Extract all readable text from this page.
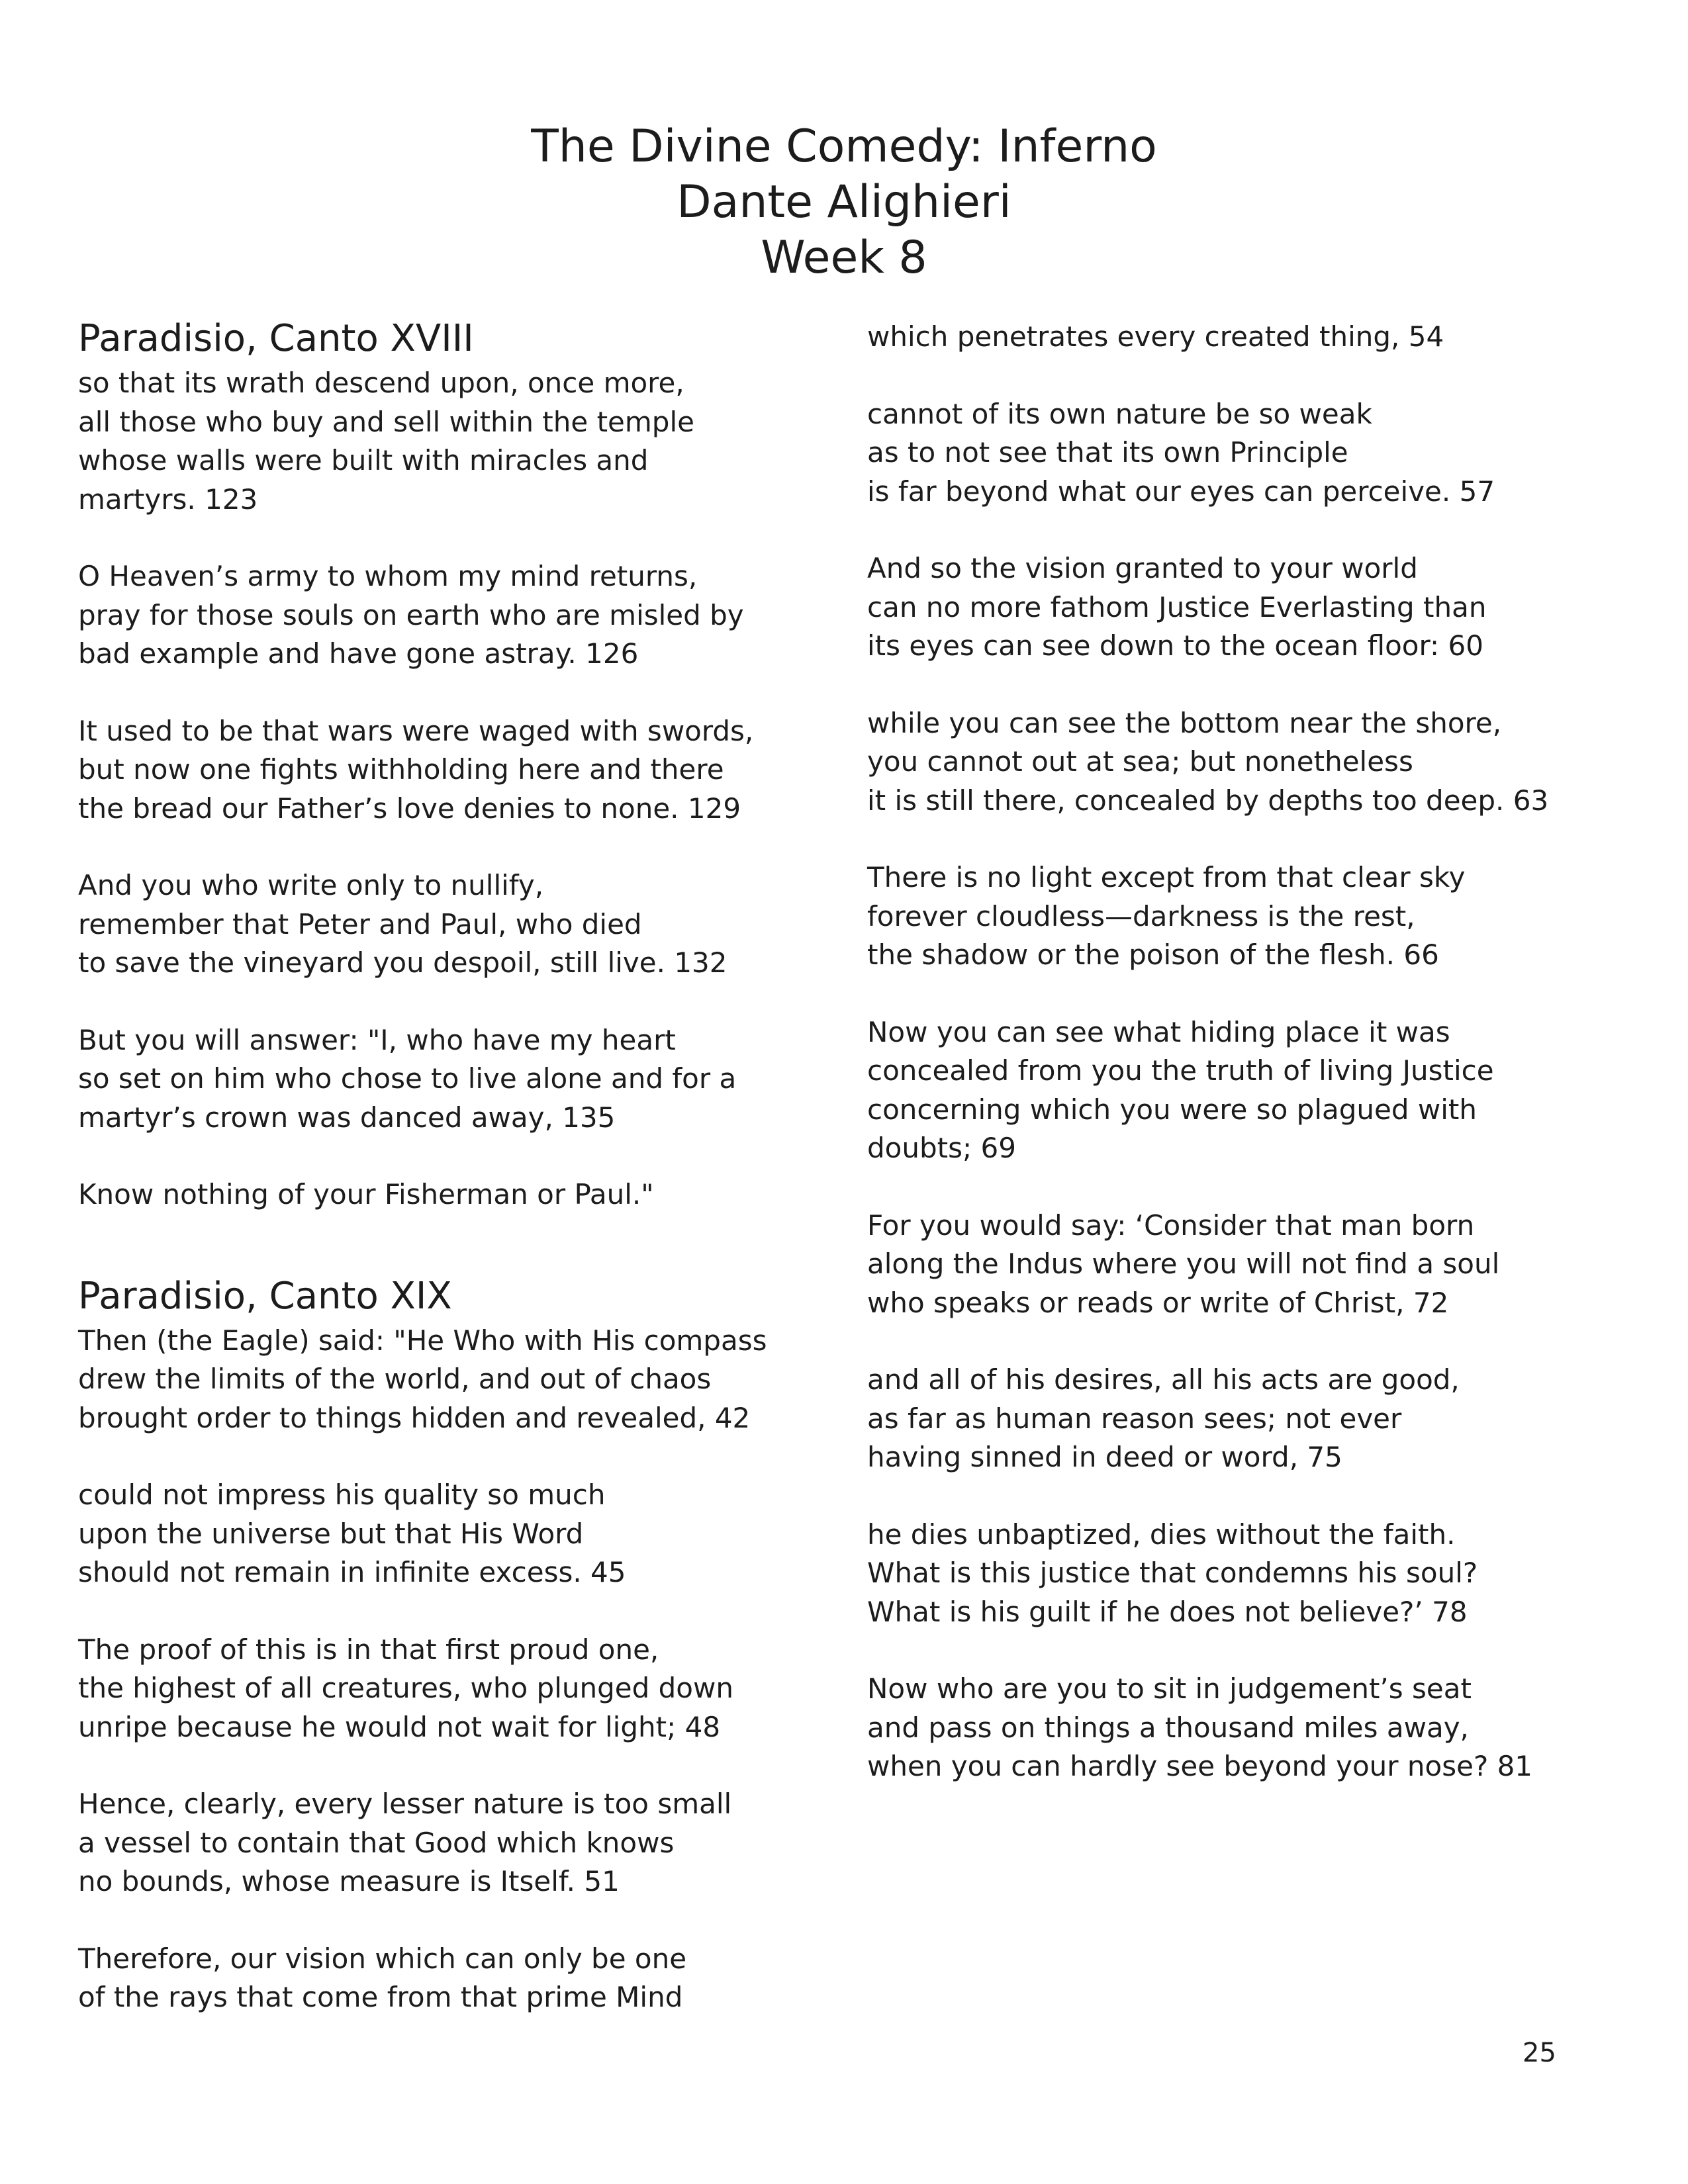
The Divine Comedy: Inferno
Dante Alighieri
Week 8
Paradisio, Canto XVIII
so that its wrath descend upon, once more,
all those who buy and sell within the temple
whose walls were built with miracles and
martyrs. 123
O Heaven’s army to whom my mind returns,
pray for those souls on earth who are misled by
bad example and have gone astray. 126
It used to be that wars were waged with swords,
but now one fights withholding here and there
the bread our Father’s love denies to none. 129
And you who write only to nullify,
remember that Peter and Paul, who died
to save the vineyard you despoil, still live. 132
But you will answer: "I, who have my heart
so set on him who chose to live alone and for a
martyr’s crown was danced away, 135
Know nothing of your Fisherman or Paul."
Paradisio, Canto XIX
Then (the Eagle) said: "He Who with His compass
drew the limits of the world, and out of chaos
brought order to things hidden and revealed, 42
could not impress his quality so much
upon the universe but that His Word
should not remain in infinite excess. 45
The proof of this is in that first proud one,
the highest of all creatures, who plunged down
unripe because he would not wait for light; 48
Hence, clearly, every lesser nature is too small
a vessel to contain that Good which knows
no bounds, whose measure is Itself. 51
Therefore, our vision which can only be one
of the rays that come from that prime Mind
which penetrates every created thing, 54
cannot of its own nature be so weak
as to not see that its own Principle
is far beyond what our eyes can perceive. 57
And so the vision granted to your world
can no more fathom Justice Everlasting than
its eyes can see down to the ocean floor: 60
while you can see the bottom near the shore,
you cannot out at sea; but nonetheless
it is still there, concealed by depths too deep. 63
There is no light except from that clear sky
forever cloudless—darkness is the rest,
the shadow or the poison of the flesh. 66
Now you can see what hiding place it was
concealed from you the truth of living Justice
concerning which you were so plagued with
doubts; 69
For you would say: ‘Consider that man born
along the Indus where you will not find a soul
who speaks or reads or write of Christ, 72
and all of his desires, all his acts are good,
as far as human reason sees; not ever
having sinned in deed or word, 75
he dies unbaptized, dies without the faith.
What is this justice that condemns his soul?
What is his guilt if he does not believe?’ 78
Now who are you to sit in judgement’s seat
and pass on things a thousand miles away,
when you can hardly see beyond your nose? 81
25
